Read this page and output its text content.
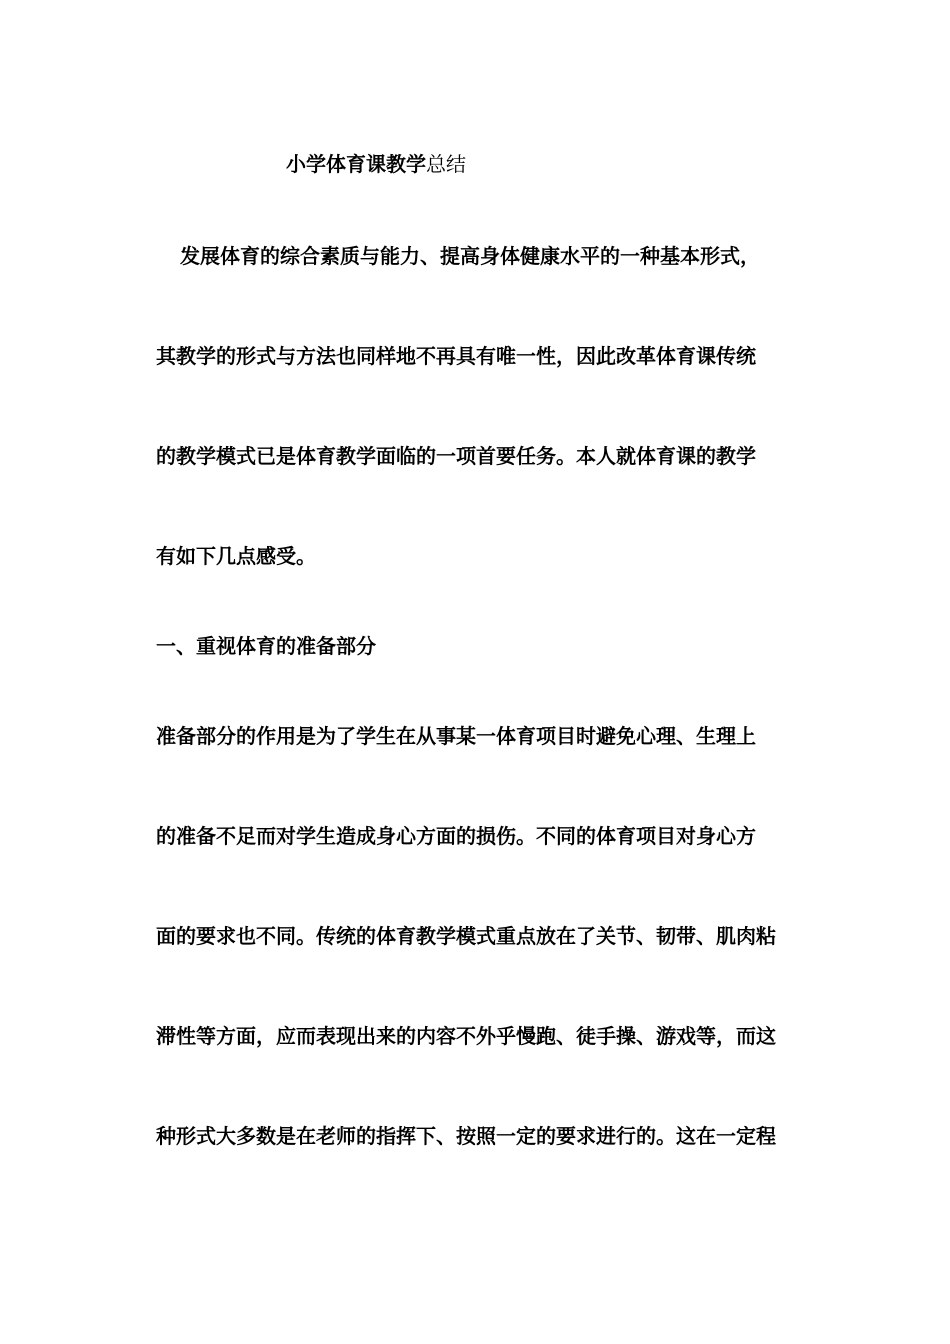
小学体育课教学总结
发展体育的综合素质与能力、提高身体健康水平的一种基本形式，
其教学的形式与方法也同样地不再具有唯一性，因此改革体育课传统
的教学模式已是体育教学面临的一项首要任务。本人就体育课的教学
有如下几点感受。
一、重视体育的准备部分
准备部分的作用是为了学生在从事某一体育项目时避免心理、生理上
的准备不足而对学生造成身心方面的损伤。不同的体育项目对身心方
面的要求也不同。传统的体育教学模式重点放在了关节、韧带、肌肉粘
滞性等方面，应而表现出来的内容不外乎慢跑、徒手操、游戏等，而这
种形式大多数是在老师的指挥下、按照一定的要求进行的。这在一定程
